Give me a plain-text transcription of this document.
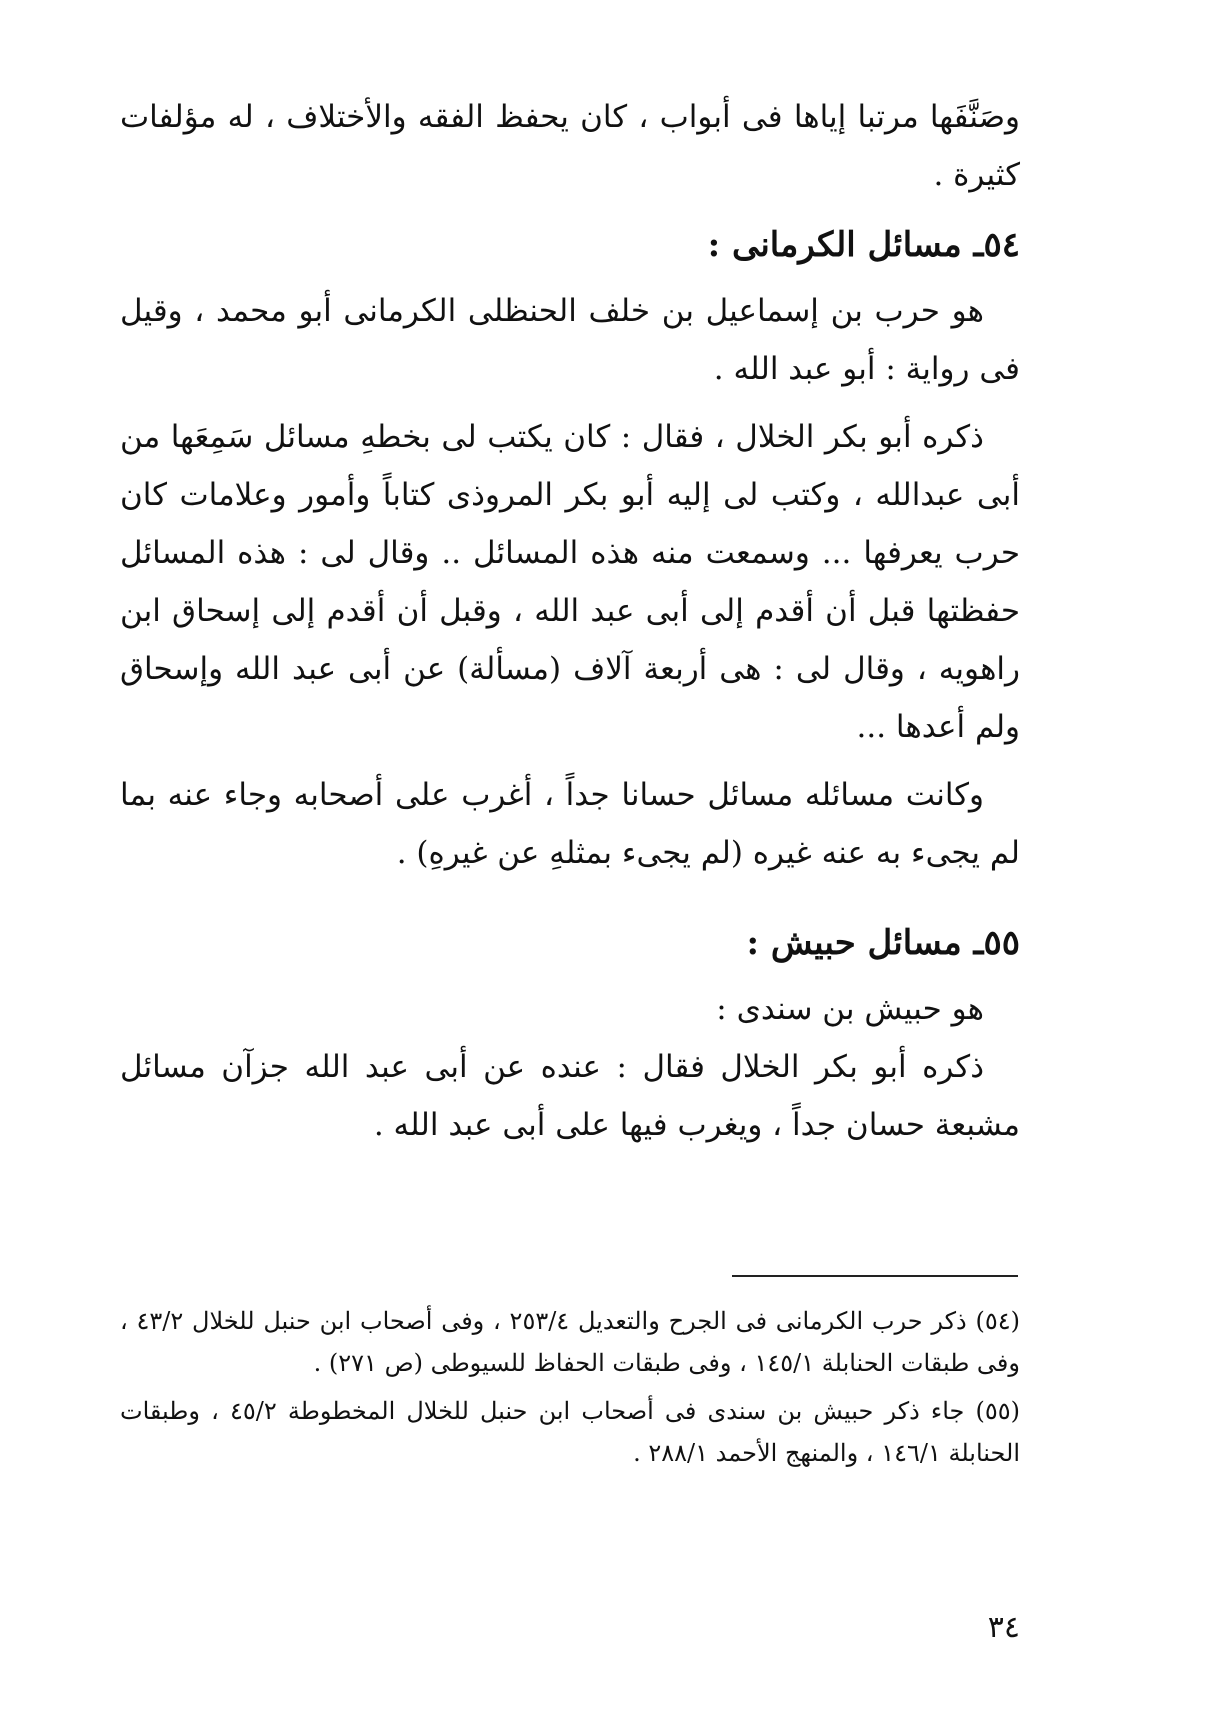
وصَنَّفَها مرتبا إياها فى أبواب ، كان يحفظ الفقه والأختلاف ، له مؤلفات كثيرة .

٥٤ـ مسائل الكرمانى :

هو حرب بن إسماعيل بن خلف الحنظلى الكرمانى أبو محمد ، وقيل فى رواية : أبو عبد الله .

ذكره أبو بكر الخلال ، فقال : كان يكتب لى بخطهِ مسائل سَمِعَها من أبى عبدالله ، وكتب لى إليه أبو بكر المروذى كتاباً وأمور وعلامات كان حرب يعرفها ... وسمعت منه هذه المسائل .. وقال لى : هذه المسائل حفظتها قبل أن أقدم إلى أبى عبد الله ، وقبل أن أقدم إلى إسحاق ابن راهويه ، وقال لى : هى أربعة آلاف (مسألة) عن أبى عبد الله وإسحاق ولم أعدها ...

وكانت مسائله مسائل حسانا جداً ، أغرب على أصحابه وجاء عنه بما لم يجىء به عنه غيره (لم يجىء بمثلهِ عن غيرهِ) .

٥٥ـ مسائل حبيش :

هو حبيش بن سندى :

ذكره أبو بكر الخلال فقال : عنده عن أبى عبد الله جزآن مسائل مشبعة حسان جداً ، ويغرب فيها على أبى عبد الله .

(٥٤) ذكر حرب الكرمانى فى الجرح والتعديل ٢٥٣/٤ ، وفى أصحاب ابن حنبل للخلال ٤٣/٢ ، وفى طبقات الحنابلة ١٤٥/١ ، وفى طبقات الحفاظ للسيوطى (ص ٢٧١) .

(٥٥) جاء ذكر حبيش بن سندى فى أصحاب ابن حنبل للخلال المخطوطة ٤٥/٢ ، وطبقات الحنابلة ١٤٦/١ ، والمنهج الأحمد ٢٨٨/١ .

٣٤
